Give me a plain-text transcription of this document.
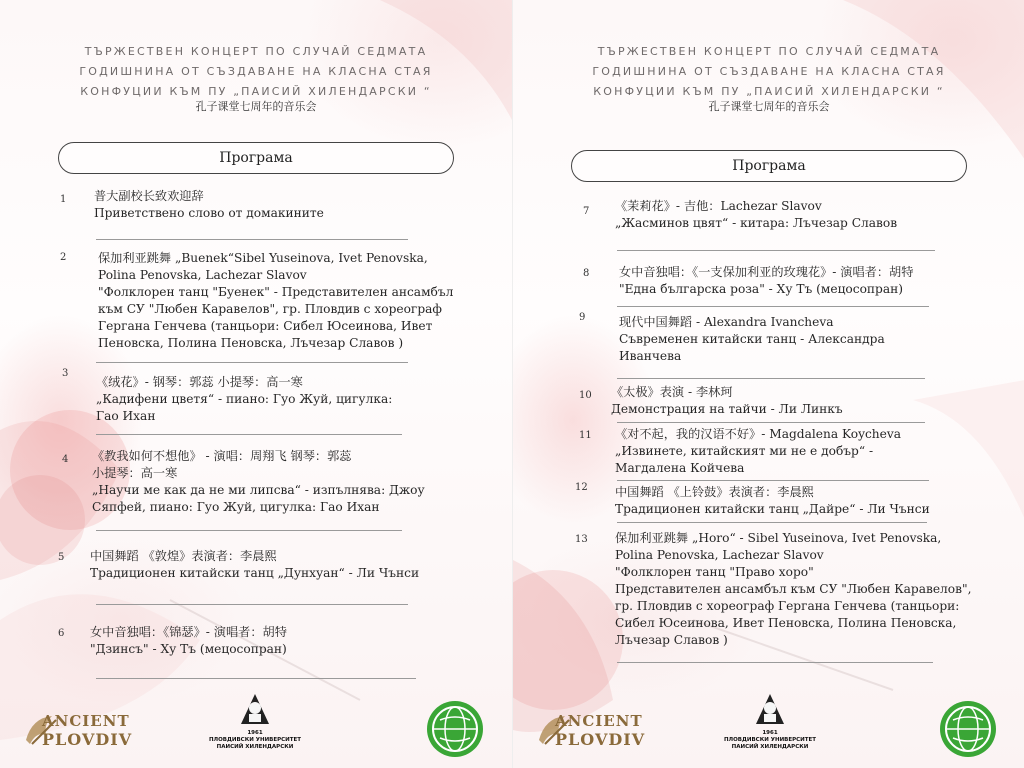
ТЪРЖЕСТВЕН КОНЦЕРТ ПО СЛУЧАЙ СЕДМАТА
ГОДИШНИНА ОТ СЪЗДАВАНЕ НА КЛАСНА СТАЯ
КОНФУЦИИ КЪМ ПУ „ПАИСИЙ ХИЛЕНДАРСКИ “
孔子课堂七周年的音乐会
Програма
1 普大副校长致欢迎辞
Приветствено слово от домакините
2	保加利亚跳舞 „Buenek“Sibel Yuseinova, Ivet Penovska,
Polina Penovska, Lachezar Slavov
"Фолклорен танц "Буенек" - Представителен ансамбъл
към СУ "Любен Каравелов", гр. Пловдив с хореограф
Гергана Генчева (танцьори: Сибел Юсеинова, Ивет
Пеновска, Полина Пеновска, Лъчезар Славов )
3
《绒花》- 钢琴：郭蕊 小提琴：高一寒
„Кадифени цветя“ - пиано: Гуо Жуй, цигулка:
Гао Ихан
4 《教我如何不想他》 - 演唱：周翔飞 钢琴：郭蕊
小提琴：高一寒
„Научи ме как да не ми липсва“ - изпълнява: Джоу
Сяпфей, пиано: Гуо Жуй, цигулка: Гао Ихан
5 中国舞蹈 《敦煌》表演者：李晨熙
Традиционен китайски танц „Дунхуан“ - Ли Чънси
6 女中音独唱：《锦瑟》- 演唱者：胡特
"Дзинсъ" - Ху Тъ (мецосопран)
ANCIENT
PLOVDIV	1961
ПЛОВДИВСКИ УНИВЕРСИТЕТ
ПАИСИЙ ХИЛЕНДАРСКИ
ТЪРЖЕСТВЕН КОНЦЕРТ ПО СЛУЧАЙ СЕДМАТА
ГОДИШНИНА ОТ СЪЗДАВАНЕ НА КЛАСНА СТАЯ
КОНФУЦИИ КЪМ ПУ „ПАИСИЙ ХИЛЕНДАРСКИ “
孔子课堂七周年的音乐会
Програма
7 《茉莉花》- 吉他：Lachezar Slavov
„Жасминов цвят“ - китара: Лъчезар Славов
8 女中音独唱：《一支保加利亚的玫瑰花》- 演唱者：胡特
"Една българска роза" - Ху Тъ (мецосопран)
9	现代中国舞蹈 - Alexandra Ivancheva
Съвременен китайски танц - Александра
Иванчева
10 《太极》表演 - 李林珂
Демонстрация на тайчи - Ли Линкъ
11 《对不起，我的汉语不好》- Magdalena Koycheva
„Извинете, китайският ми не е добър“ -
Магдалена Койчева
12 中国舞蹈 《上铃鼓》表演者：李晨熙
Традиционен китайски танц „Дайре“ - Ли Чънси
13 保加利亚跳舞 „Horo“ - Sibel Yuseinova, Ivet Penovska,
Polina Penovska, Lachezar Slavov
"Фолклорен танц "Право хоро"
Представителен ансамбъл към СУ "Любен Каравелов",
гр. Пловдив с хореограф Гергана Генчева (танцьори:
Сибел Юсеинова, Ивет Пеновска, Полина Пеновска,
Лъчезар Славов )
ANCIENT
PLOVDIV	1961
ПЛОВДИВСКИ УНИВЕРСИТЕТ
ПАИСИЙ ХИЛЕНДАРСКИ
